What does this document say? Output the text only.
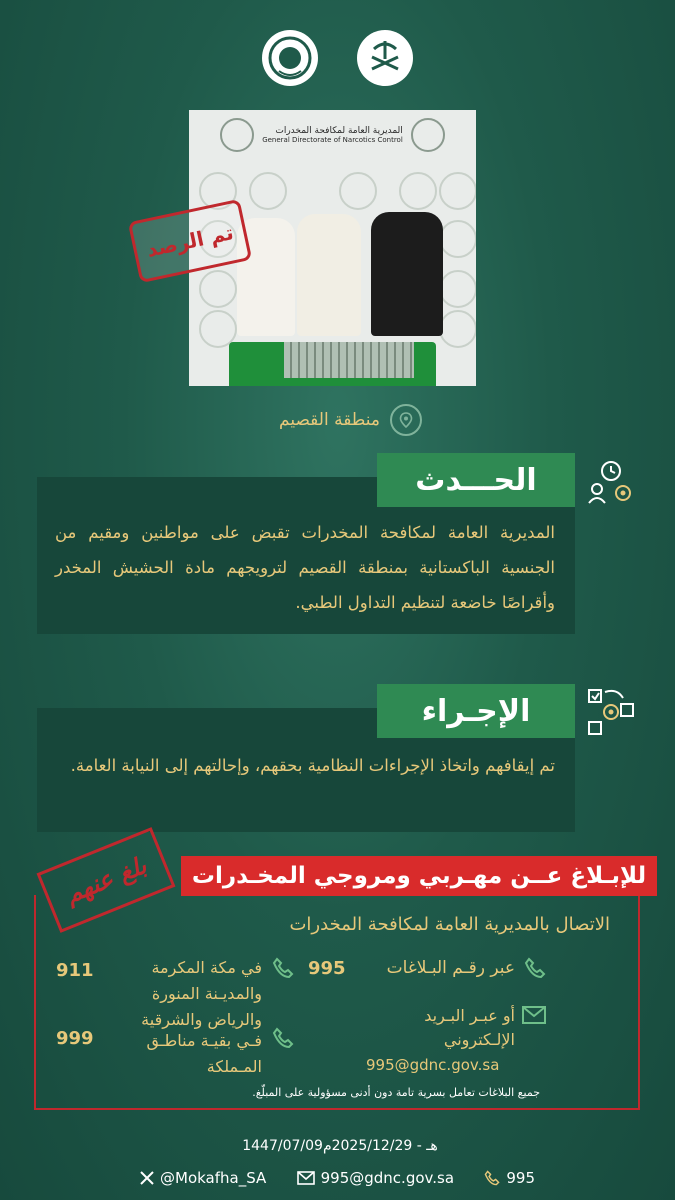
المديرية العامة لمكافحة المخدرات
General Directorate of Narcotics Control
تم الرصد
منطقة القصيم
الحـــدث
المديرية العامة لمكافحة المخدرات تقبض على مواطنين ومقيم من الجنسية الباكستانية بمنطقة القصيم لترويجهم مادة الحشيش المخدر وأقراصًا خاضعة لتنظيم التداول الطبي.
الإجـراء
تم إيقافهم واتخاذ الإجراءات النظامية بحقهم، وإحالتهم إلى النيابة العامة.
للإبـلاغ عــن مهـربي ومروجي المخـدرات
بلغ عنهم
الاتصال بالمديرية العامة لمكافحة المخدرات
عبر رقـم البـلاغات
995
في مكة المكرمة والمديـنة المنورة والرياض والشرقية
911
فـي بقيـة مناطـق المـملكة
999
أو عبـر البـريد الإلـكتروني
995@gdnc.gov.sa
جميع البلاغات تعامل بسرية تامة دون أدنى مسؤولية على المبلّغ.
1447/07/09هـ - 2025/12/29م
@Mokafha_SA	995@gdnc.gov.sa	995
